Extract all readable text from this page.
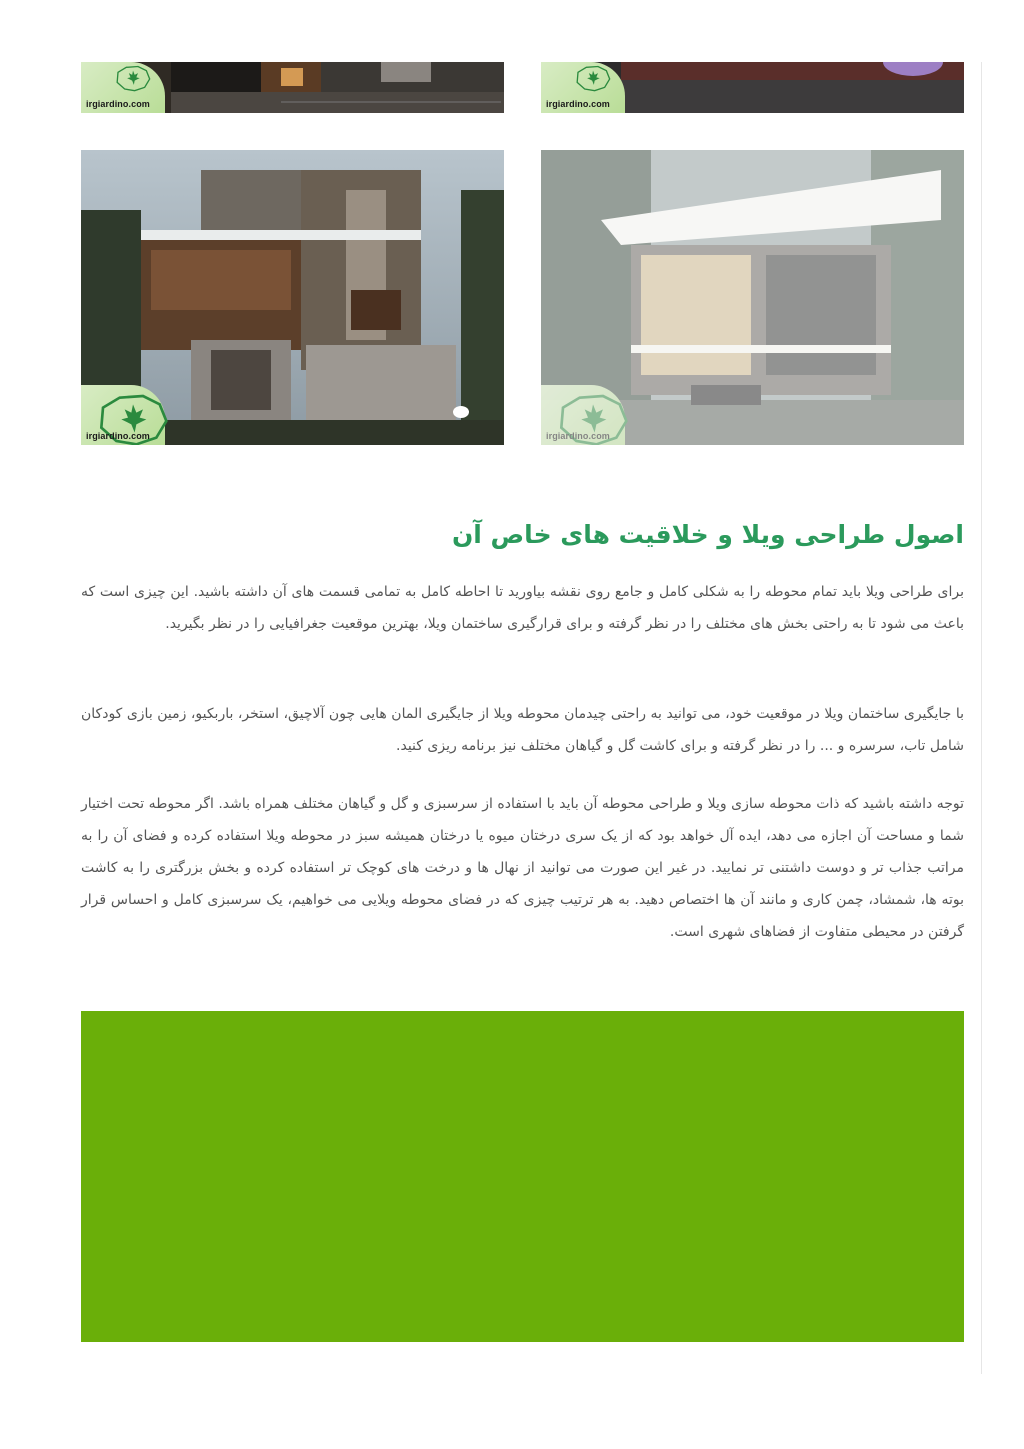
irgiardino.com	irgiardino.com
irgiardino.com	irgiardino.com
اصول طراحی ویلا و خلاقیت های خاص آن

برای طراحی ویلا باید تمام محوطه را به شکلی کامل و جامع روی نقشه بیاورید تا احاطه کامل به تمامی قسمت های آن داشته باشید. این چیزی است که باعث می شود تا به راحتی بخش های مختلف را در نظر گرفته و برای قرارگیری ساختمان ویلا، بهترین موقعیت جغرافیایی را در نظر بگیرید.

با جایگیری ساختمان ویلا در موقعیت خود، می توانید به راحتی چیدمان محوطه ویلا از جایگیری المان هایی چون آلاچیق، استخر، باربکیو، زمین بازی کودکان شامل تاب، سرسره و ... را در نظر گرفته و برای کاشت گل و گیاهان مختلف نیز برنامه ریزی کنید.

توجه داشته باشید که ذات محوطه سازی ویلا و طراحی محوطه آن باید با استفاده از سرسبزی و گل و گیاهان مختلف همراه باشد. اگر محوطه تحت اختیار شما و مساحت آن اجازه می دهد، ایده آل خواهد بود که از یک سری درختان میوه یا درختان همیشه سبز در محوطه ویلا استفاده کرده و فضای آن را به مراتب جذاب تر و دوست داشتنی تر نمایید. در غیر این صورت می توانید از نهال ها و درخت های کوچک تر استفاده کرده و بخش بزرگتری را به کاشت بوته ها، شمشاد، چمن کاری و مانند آن ها اختصاص دهید. به هر ترتیب چیزی که در فضای محوطه ویلایی می خواهیم، یک سرسبزی کامل و احساس قرار گرفتن در محیطی متفاوت از فضاهای شهری است.
